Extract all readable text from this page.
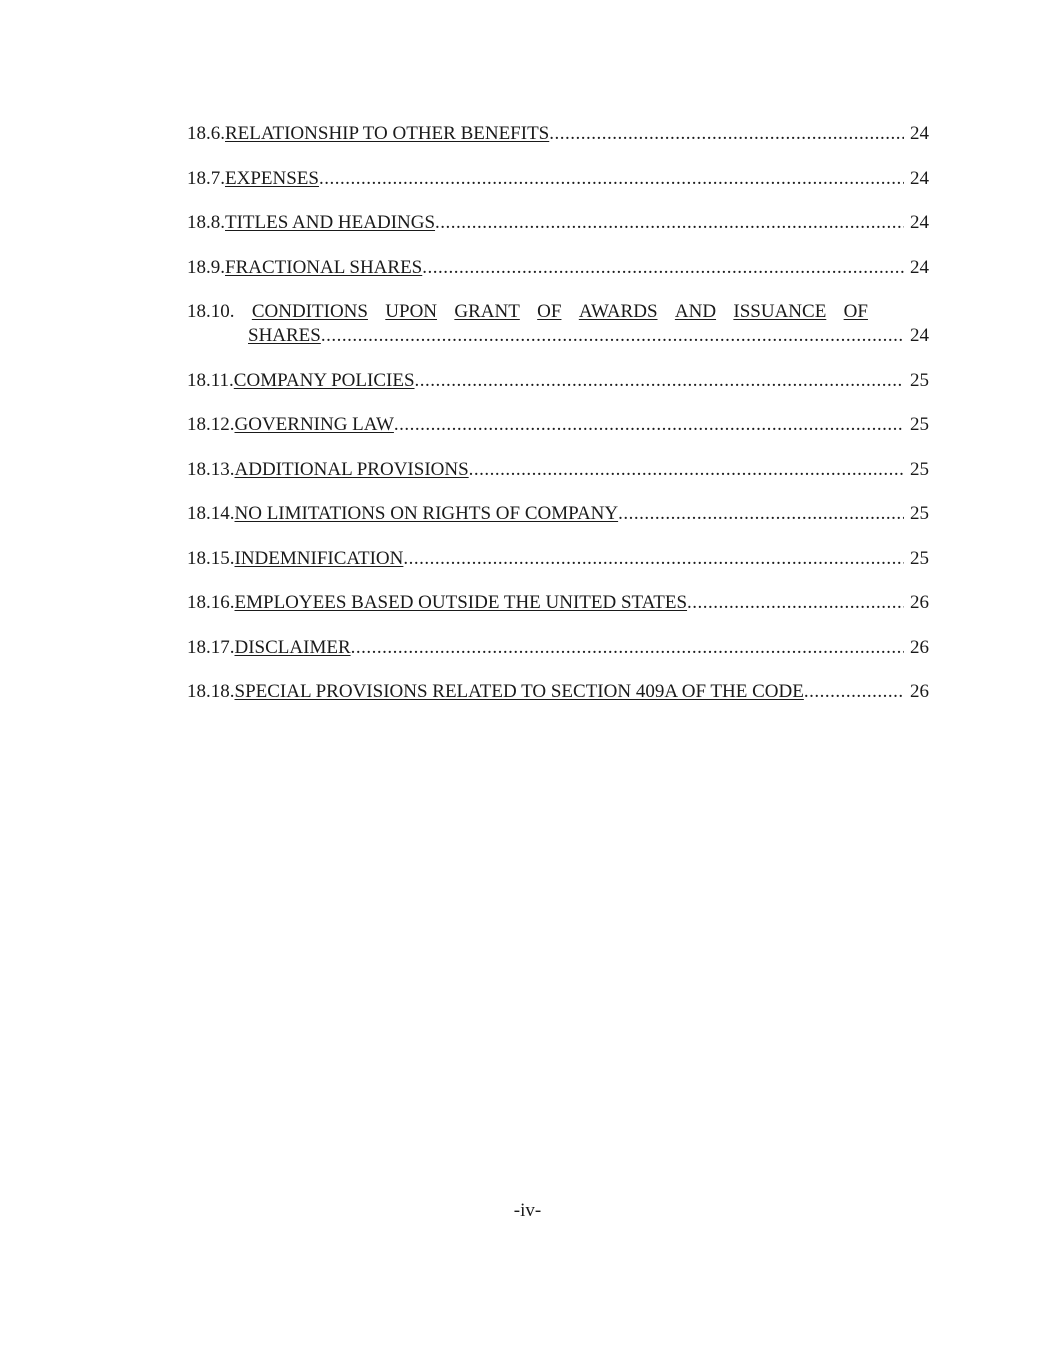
18.6. RELATIONSHIP TO OTHER BENEFITS .....	24
18.7. EXPENSES .....	24
18.8. TITLES AND HEADINGS .....	24
18.9. FRACTIONAL SHARES .....	24
18.10. CONDITIONS UPON GRANT OF AWARDS AND ISSUANCE OF
SHARES .....	24
18.11. COMPANY POLICIES .....	25
18.12. GOVERNING LAW .....	25
18.13. ADDITIONAL PROVISIONS .....	25
18.14. NO LIMITATIONS ON RIGHTS OF COMPANY .....	25
18.15. INDEMNIFICATION .....	25
18.16. EMPLOYEES BASED OUTSIDE THE UNITED STATES .....	26
18.17. DISCLAIMER .....	26
18.18. SPECIAL PROVISIONS RELATED TO SECTION 409A OF THE CODE .....	26
-iv-
